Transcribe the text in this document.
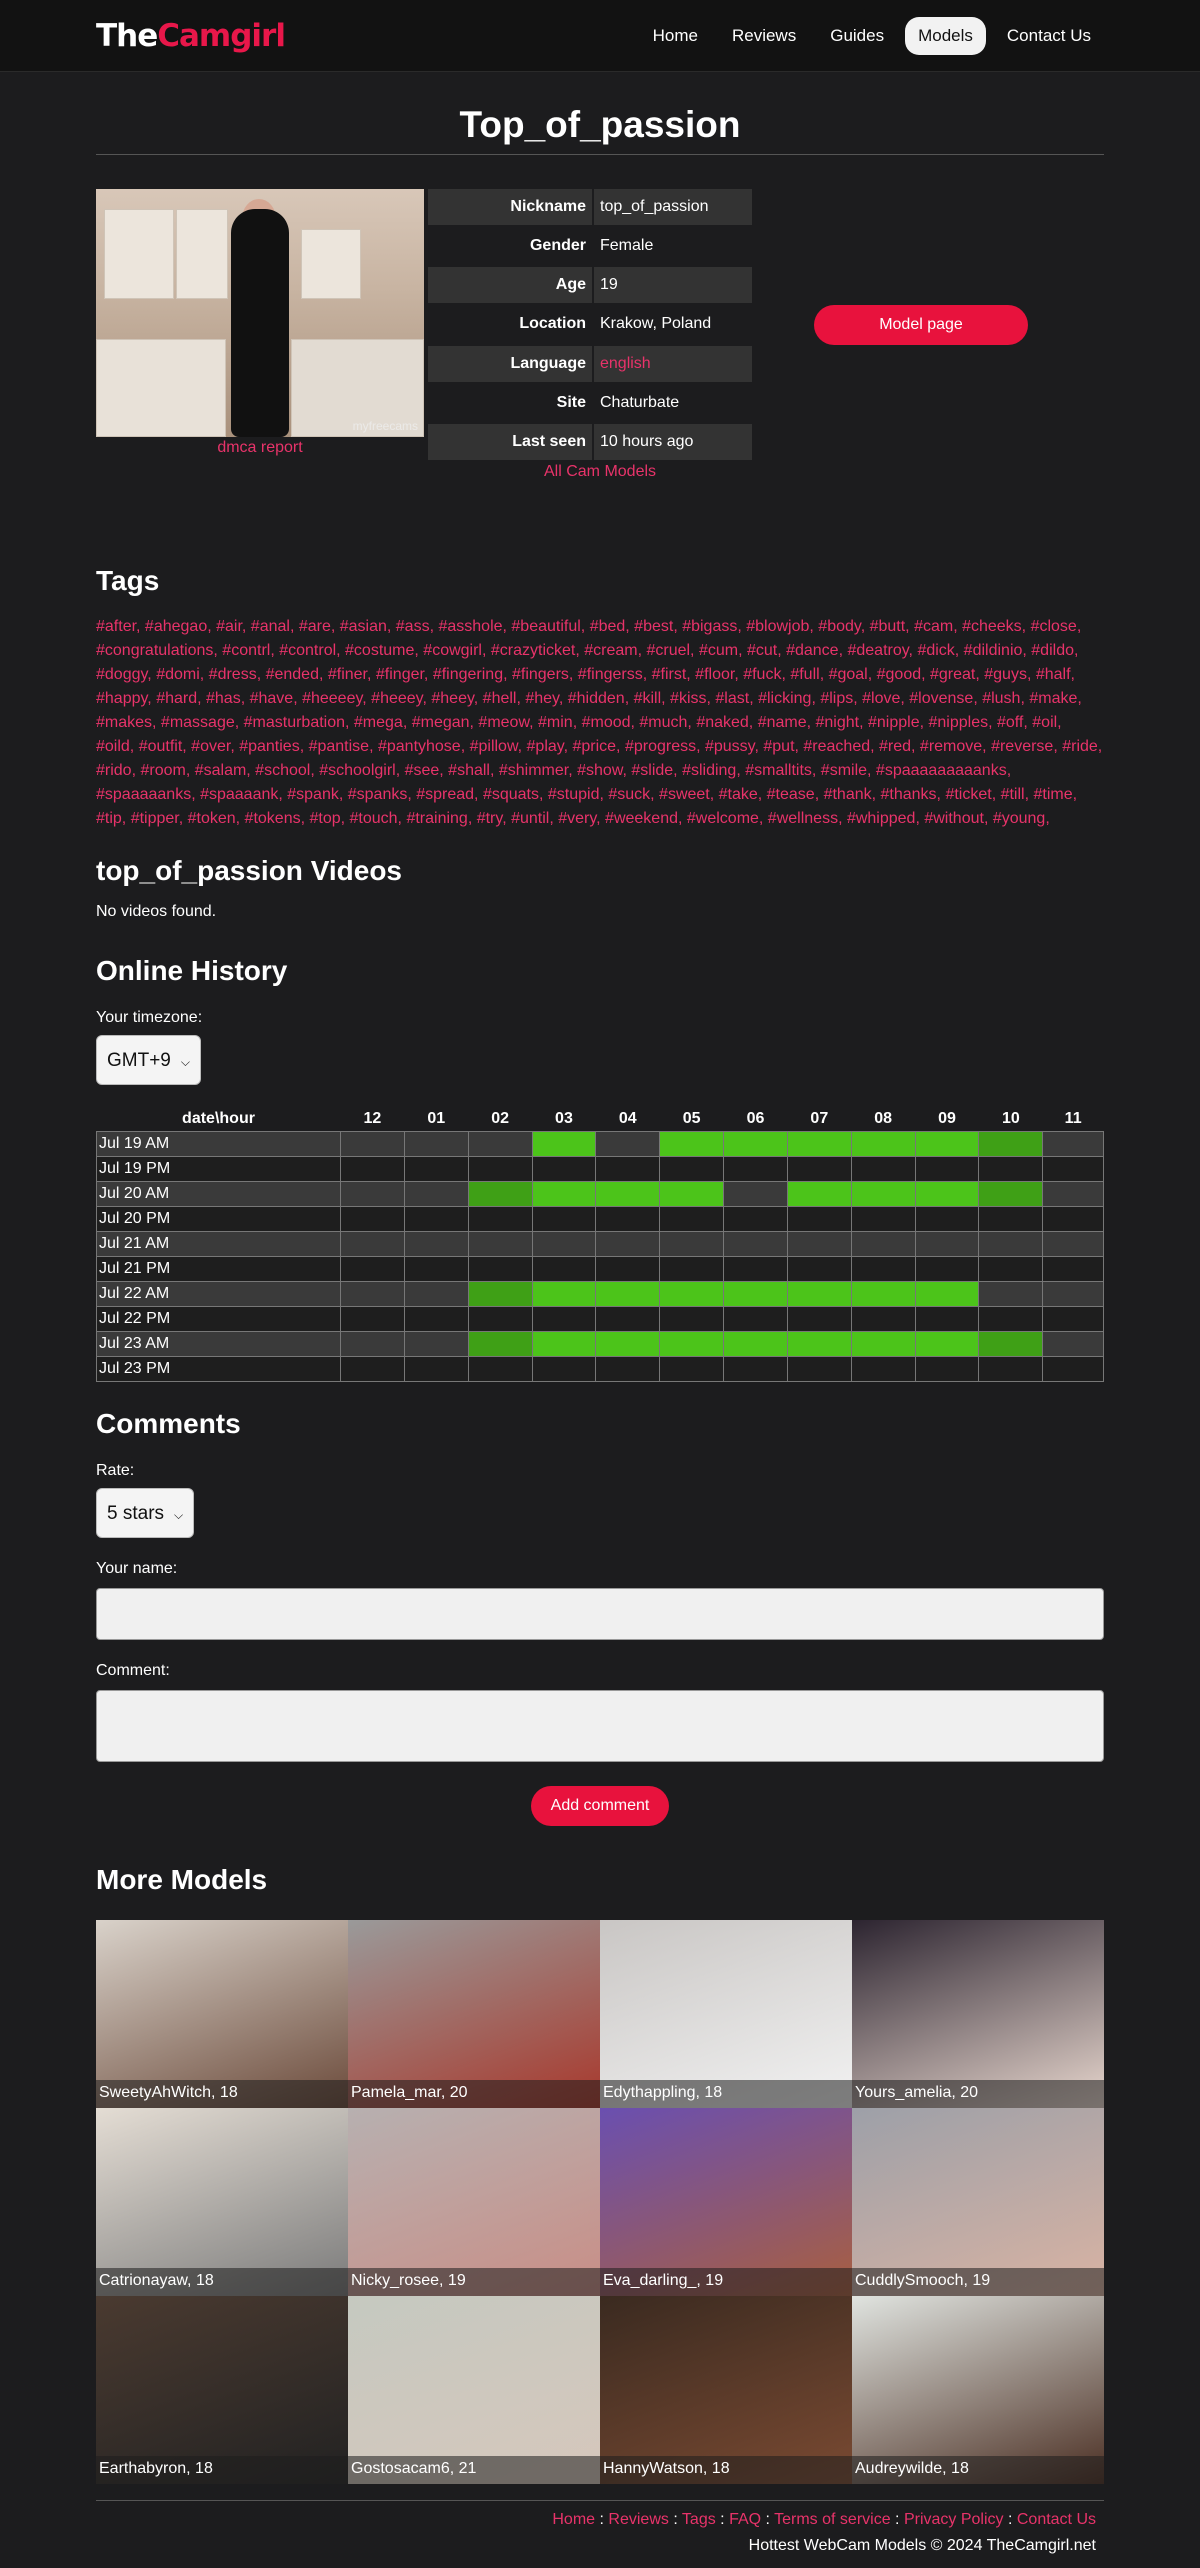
TheCamgirl	Home	Reviews	Guides	Models	Contact Us
Top_of_passion
myfreecams
dmca report
Nickname	top_of_passion
Gender	Female
Age	19
Location	Krakow, Poland
Language	english
Site	Chaturbate
Last seen	10 hours ago
Model page
All Cam Models
Tags
#after, #ahegao, #air, #anal, #are, #asian, #ass, #asshole, #beautiful, #bed, #best, #bigass, #blowjob, #body, #butt, #cam, #cheeks, #close, #congratulations, #contrl, #control, #costume, #cowgirl, #crazyticket, #cream, #cruel, #cum, #cut, #dance, #deatroy, #dick, #dildinio, #dildo, #doggy, #domi, #dress, #ended, #finer, #finger, #fingering, #fingers, #fingerss, #first, #floor, #fuck, #full, #goal, #good, #great, #guys, #half, #happy, #hard, #has, #have, #heeeey, #heeey, #heey, #hell, #hey, #hidden, #kill, #kiss, #last, #licking, #lips, #love, #lovense, #lush, #make, #makes, #massage, #masturbation, #mega, #megan, #meow, #min, #mood, #much, #naked, #name, #night, #nipple, #nipples, #off, #oil, #oild, #outfit, #over, #panties, #pantise, #pantyhose, #pillow, #play, #price, #progress, #pussy, #put, #reached, #red, #remove, #reverse, #ride, #rido, #room, #salam, #school, #schoolgirl, #see, #shall, #shimmer, #show, #slide, #sliding, #smalltits, #smile, #spaaaaaaaaanks, #spaaaaanks, #spaaaank, #spank, #spanks, #spread, #squats, #stupid, #suck, #sweet, #take, #tease, #thank, #thanks, #ticket, #till, #time, #tip, #tipper, #token, #tokens, #top, #touch, #training, #try, #until, #very, #weekend, #welcome, #wellness, #whipped, #without, #young,
top_of_passion Videos
No videos found.
Online History
Your timezone:
GMT+9 ⌵
date\hour	12	01	02	03	04	05	06	07	08	09	10	11
Jul 19 AM												
Jul 19 PM												
Jul 20 AM												
Jul 20 PM												
Jul 21 AM												
Jul 21 PM												
Jul 22 AM												
Jul 22 PM												
Jul 23 AM												
Jul 23 PM												
Comments
Rate:
5 stars ⌵
Your name:
Comment:
Add comment
More Models
SweetyAhWitch, 18	Pamela_mar, 20	Edythappling, 18	Yours_amelia, 20
Catrionayaw, 18	Nicky_rosee, 19	Eva_darling_, 19	CuddlySmooch, 19
Earthabyron, 18	Gostosacam6, 21	HannyWatson, 18	Audreywilde, 18
Home : Reviews : Tags : FAQ : Terms of service : Privacy Policy : Contact Us
Hottest WebCam Models © 2024 TheCamgirl.net
